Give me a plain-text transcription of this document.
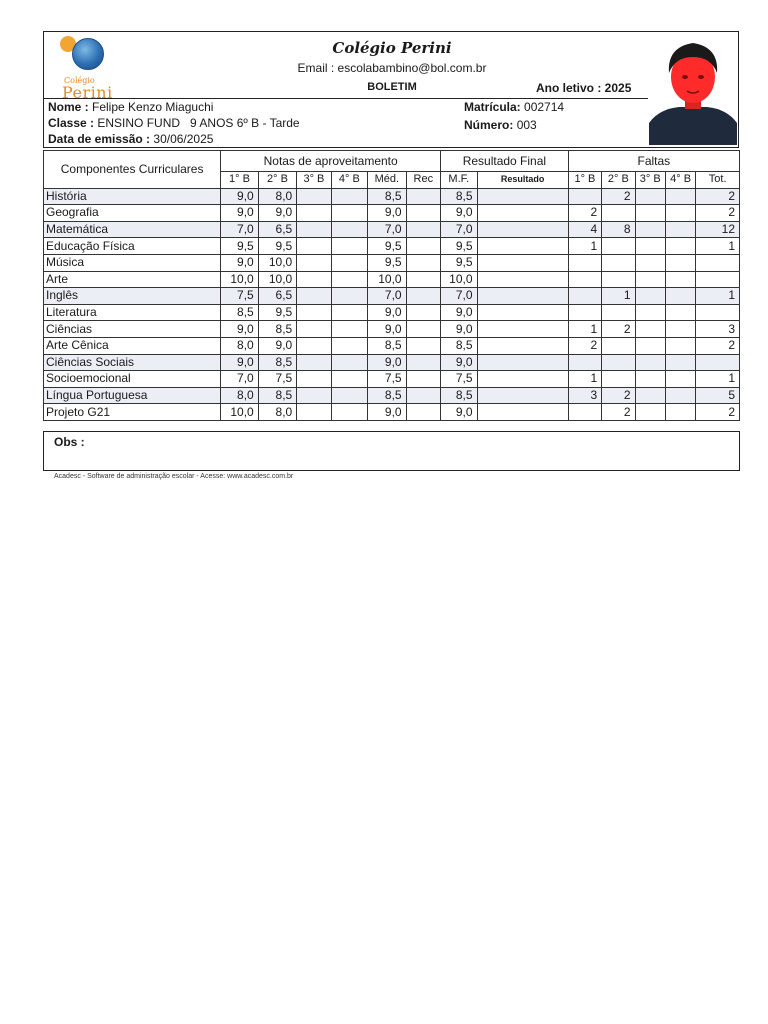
Colégio
Perini
Colégio Perini
Email : escolabambino@bol.com.br
BOLETIM	Ano letivo : 2025
Nome : Felipe Kenzo Miaguchi
Classe : ENSINO FUND   9 ANOS 6º B - Tarde
Data de emissão : 30/06/2025
Matrícula: 002714
Número: 003
Componentes Curriculares	Notas de aproveitamento						Resultado Final		Faltas				
	1° B	2° B	3° B	4° B	Méd.	Rec	M.F.	Resultado	1° B	2° B	3° B	4° B	Tot.
História	9,0	8,0			8,5		8,5			2			2
Geografia	9,0	9,0			9,0		9,0		2				2
Matemática	7,0	6,5			7,0		7,0		4	8			12
Educação Física	9,5	9,5			9,5		9,5		1				1
Música	9,0	10,0			9,5		9,5						
Arte	10,0	10,0			10,0		10,0						
Inglês	7,5	6,5			7,0		7,0			1			1
Literatura	8,5	9,5			9,0		9,0						
Ciências	9,0	8,5			9,0		9,0		1	2			3
Arte Cênica	8,0	9,0			8,5		8,5		2				2
Ciências Sociais	9,0	8,5			9,0		9,0						
Socioemocional	7,0	7,5			7,5		7,5		1				1
Língua Portuguesa	8,0	8,5			8,5		8,5		3	2			5
Projeto G21	10,0	8,0			9,0		9,0			2			2
Obs :
Acadesc - Software de administração escolar - Acesse: www.acadesc.com.br
